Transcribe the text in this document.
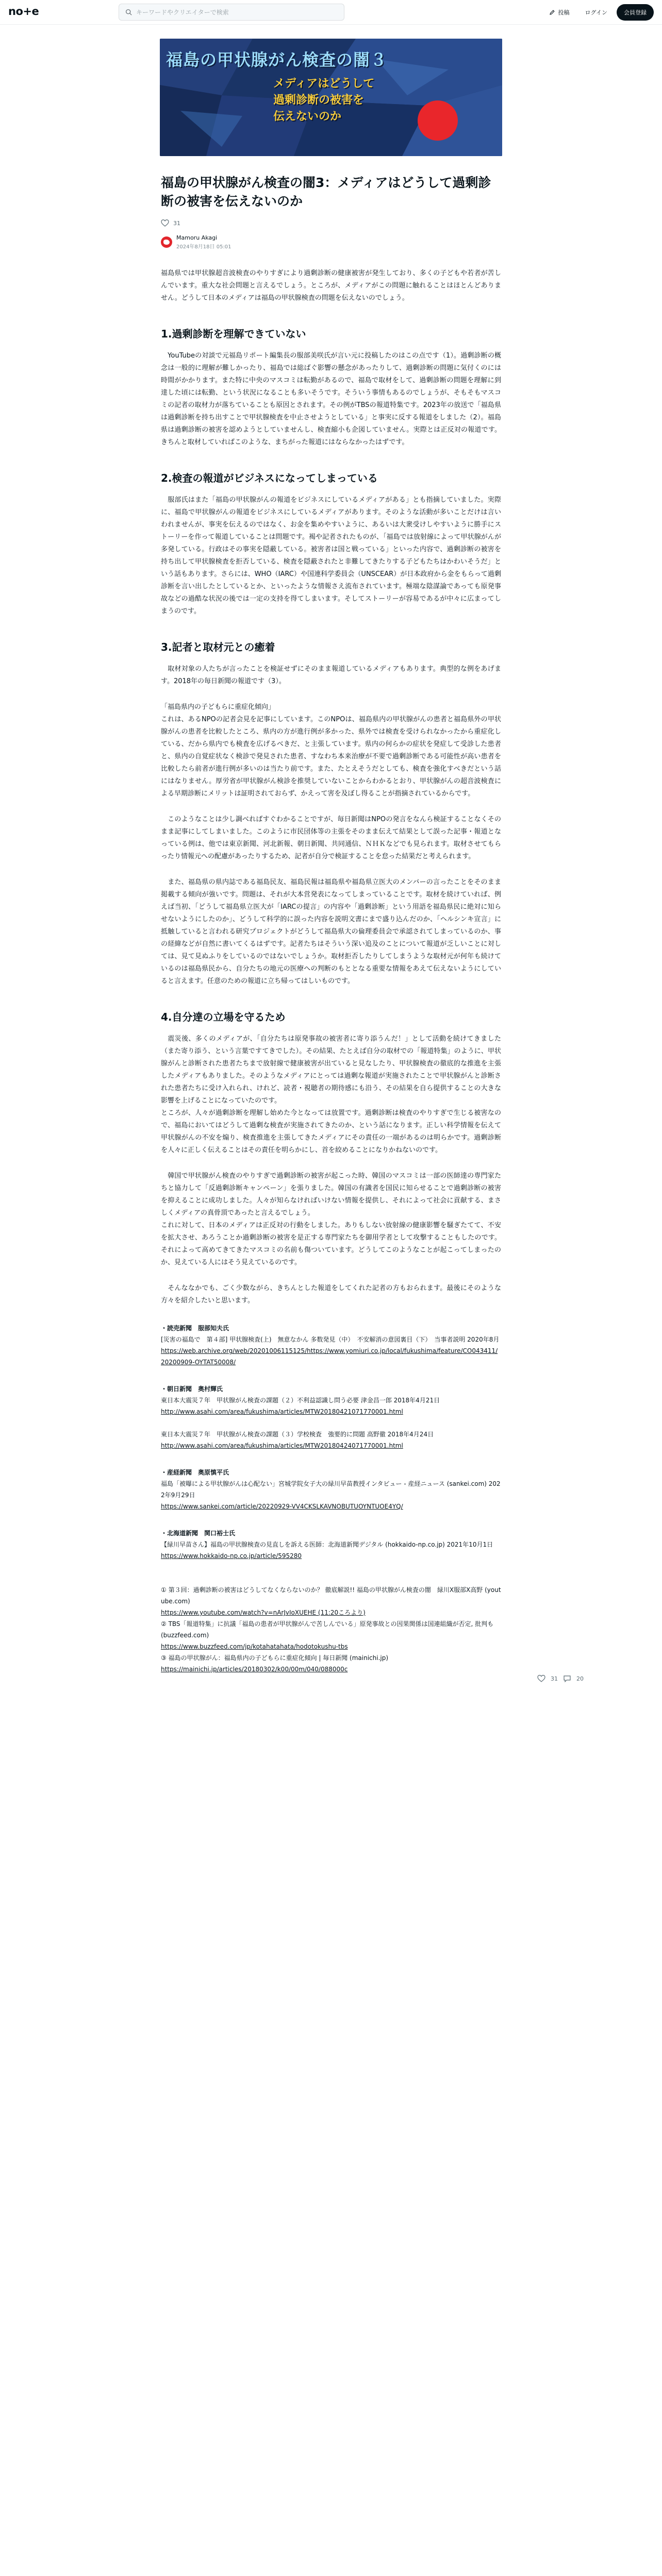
no+e
キーワードやクリエイターで検索	投稿	ログイン	会員登録
福島の甲状腺がん検査の闇３
メディアはどうして
過剰診断の被害を
伝えないのか
福島の甲状腺がん検査の闇3：メディアはどうして過剰診断の被害を伝えないのか
31
Mamoru Akagi
2024年8月18日 05:01

福島県では甲状腺超音波検査のやりすぎにより過剰診断の健康被害が発生しており、多くの子どもや若者が苦しんでいます。重大な社会問題と言えるでしょう。ところが、メディアがこの問題に触れることはほとんどありません。どうして日本のメディアは福島の甲状腺検査の問題を伝えないのでしょう。

1.過剰診断を理解できていない

　YouTubeの対談で元福島リポート編集長の服部美咲氏が言い元に投稿したのはこの点です（1）。過剰診断の概念は一般的に理解が難しかったり、福島では総ばぐ影響の懸念があったりして、過剰診断の問題に気付くのには時間がかかります。また特に中央のマスコミは転勤があるので、福島で取材をして、過剰診断の問題を理解に到達した頃には転勤、という状況になることも多いそうです。そういう事情もあるのでしょうが、そもそもマスコミの記者の取材力が落ちていることも原因とされます。その例がTBSの報道特集です。2023年の放送で「福島県は過剰診断を持ち出すことで甲状腺検査を中止させようとしている」と事実に反する報道をしました（2）。福島県は過剰診断の被害を認めようとしていませんし、検査縮小も企図していません。実際とは正反対の報道です。きちんと取材していればこのような、まちがった報道にはならなかったはずです。

2.検査の報道がビジネスになってしまっている

　服部氏はまた「福島の甲状腺がんの報道をビジネスにしているメディアがある」とも指摘していました。実際に、福島で甲状腺がんの報道をビジネスにしているメディアがあります。そのような活動が多いことだけは言いわれませんが、事実を伝えるのではなく、お金を集めやすいように、あるいは大衆受けしやすいように勝手にストーリーを作って報道していることは問題です。褐や記者されたものが、「福島では放射線によって甲状腺がんが多発している。行政はその事実を隠蔽している。被害者は国と戦っている」といった内容で、過剰診断の被害を持ち出して甲状腺検査を拒否している、検査を隠蔽されたと非難してきたりする子どもたちはかわいそうだ」という話もあります。さらには、WHO（IARC）や国連科学委員会（UNSCEAR）が日本政府から金をもらって過剰診断を言い出したとしているとか、といったような情報さえ流布されています。極端な陰謀論であっても原発事故などの過酷な状況の後では一定の支持を得てしまいます。そしてストーリーが容易であるが中々に広まってしまうのです。

3.記者と取材元との癒着

　取材対象の人たちが言ったことを検証せずにそのまま報道しているメディアもあります。典型的な例をあげます。2018年の毎日新聞の報道です（3）。

「福島県内の子どもらに重症化傾向」
これは、あるNPOの記者会見を記事にしています。このNPOは、福島県内の甲状腺がんの患者と福島県外の甲状腺がんの患者を比較したところ、県内の方が進行例が多かった、県外では検査を受けられなかったから重症化している、だから県内でも検査を広げるべきだ、と主張しています。県内の何らかの症状を発症して受診した患者と、県内の自覚症状なく検診で発見された患者、すなわち本来治療が不要で過剰診断である可能性が高い患者を比較したら前者が進行例が多いのは当たり前です。また、たとえそうだとしても、検査を強化すべきだという話にはなりません。厚労省が甲状腺がん検診を推奨していないことからわかるとおり、甲状腺がんの超音波検査による早期診断にメリットは証明されておらず、かえって害を及ぼし得ることが指摘されているからです。

　このようなことは少し調べればすぐわかることですが、毎日新聞はNPOの発言をなんら検証することなくそのまま記事にしてしまいました。このように市民団体等の主張をそのまま伝えて結果として誤った記事・報道となっている例は、他では東京新聞、河北新報、朝日新聞、共同通信、ＮＨＫなどでも見られます。取材させてもらったり情報元への配慮があったりするため、記者が自分で検証することを怠った結果だと考えられます。

　また、福島県の県内誌である福島民友、福島民報は福島県や福島県立医大のメンバーの言ったことをそのまま掲載する傾向が強いです。問題は、それが大本営発表になってしまっていることです。取材を続けていれば、例えば当初、「どうして福島県立医大が「IARCの提言」の内容や「過剰診断」という用語を福島県民に絶対に知らせないようにしたのか」、どうして科学的に誤った内容を説明文書にまで盛り込んだのか、「ヘルシンキ宣言」に抵触していると言われる研究プロジェクトがどうして福島県大の倫理委員会で承認されてしまっているのか、事の経緯などが自然に書いてくるはずです。記者たちはそういう深い追及のことについて報道が乏しいことに対しては、見て見ぬふりをしているのではないでしょうか。取材拒否したりしてしまうような取材元が何年も続けているのは福島県民から、自分たちの地元の医療への判断のもととなる重要な情報をあえて伝えないようにしていると言えます。任意のための報道に立ち帰ってはしいものです。

4.自分達の立場を守るため

　震災後、多くのメディアが、「自分たちは原発事故の被害者に寄り添うんだ！」として活動を続けてきました（また寄り添う、という言葉ですてきでした）。その結果、たとえば自分の取材での「報道特集」のように、甲状腺がんと診断された患者たちまで放射線で健康被害が出ていると見なしたり、甲状腺検査の徹底的な推進を主張したメディアもありました。そのようなメディアにとっては過剰な報道が実施されたことで甲状腺がんと診断された患者たちに受け入れられ、けれど、読者・視聴者の期待感にも沿う、その結果を自ら提供することの大きな影響を上げることになっていたのです。
ところが、人々が過剰診断を理解し始めた今となっては放置です。過剰診断は検査のやりすぎで生じる被害なので、福島においてはどうして過剰な検査が実施されてきたのか、という話になります。正しい科学情報を伝えて甲状腺がんの不安を煽り、検査推進を主張してきたメディアにその責任の一端があるのは明らかです。過剰診断を人々に正しく伝えることはその責任を明らかにし、首を絞めることになりかねないのです。

　韓国で甲状腺がん検査のやりすぎで過剰診断の被害が起こった時、韓国のマスコミは一部の医師達の専門家たちと協力して「反過剰診断キャンペーン」を張りました。韓国の有識者を国民に知らせることで過剰診断の被害を抑えることに成功しました。人々が知らなければいけない情報を提供し、それによって社会に貢献する、まさしくメディアの真骨頂であったと言えるでしょう。
これに対して、日本のメディアは正反対の行動をしました。ありもしない放射線の健康影響を騒ぎたてて、不安を拡大させ、あろうことか過剰診断の被害を是正する専門家たちを御用学者として攻撃することもしたのです。それによって高めてきてきたマスコミの名前も傷ついています。どうしてこのようなことが起こってしまったのか、見えている人にはそう見えているのです。

　そんななかでも、ごく少数ながら、きちんとした報道をしてくれた記者の方もおられます。最後にそのような方々を紹介したいと思います。

・読売新聞　服部知夫氏
[災害の福島で　第４部] 甲状腺検査(上)　無意なかん 多数発見（中）　不安解消の意図裏目（下）　当事者説明 2020年8月
https://web.archive.org/web/20201006115125/https://www.yomiuri.co.jp/local/fukushima/feature/CO043411/20200909-OYTAT50008/
・朝日新聞　奥村輝氏
東日本大震災７年　甲状腺がん検査の課題（２）不利益認識し問う必要 津金昌一郎 2018年4月21日
http://www.asahi.com/area/fukushima/articles/MTW20180421071770001.html
東日本大震災７年　甲状腺がん検査の課題（３）学校検査　強要的に問題 高野徹 2018年4月24日
http://www.asahi.com/area/fukushima/articles/MTW20180424071770001.html
・産経新聞　奥原慎平氏
福島「被曝による甲状腺がんは心配ない」宮城学院女子大の緑川早苗教授インタビュー - 産経ニュース (sankei.com) 2022年9月29日
https://www.sankei.com/article/20220929-VV4CKSLKAVNOBUTUOYNTUOE4YQ/
・北海道新聞　関口裕士氏
【緑川早苗さん】福島の甲状腺検査の見直しを訴える医師：北海道新聞デジタル (hokkaido-np.co.jp) 2021年10月1日
https://www.hokkaido-np.co.jp/article/595280
① 第３回：過剰診断の被害はどうしてなくならないのか？ 徹底解説!! 福島の甲状腺がん検査の闇　緑川X服部X高野 (youtube.com)
https://www.youtube.com/watch?v=nArJvIoXUEHE (11:20ころより)
② TBS「報道特集」に抗議「福島の患者が甲状腺がんで苦しんでいる」原発事故との因果関係は国連組織が否定, 批判も (buzzfeed.com)
https://www.buzzfeed.com/jp/kotahatahata/hodotokushu-tbs
③ 福島の甲状腺がん：福島県内の子どもらに重症化傾向 | 毎日新聞 (mainichi.jp)
https://mainichi.jp/articles/20180302/k00/00m/040/088000c
31	20
